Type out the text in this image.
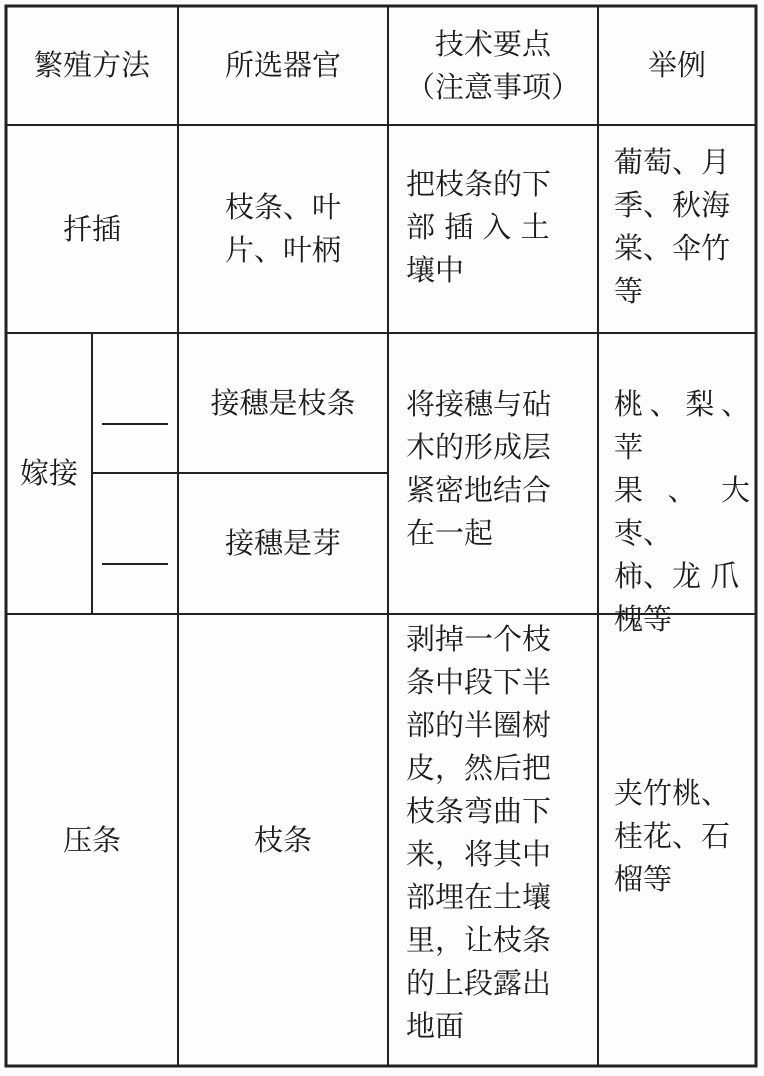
繁殖方法	所选器官
技术要点
（注意事项）
举例
扦插
枝条、叶
片、叶柄
把枝条的下
部 插 入 土
壤中
葡萄、月
季、秋海
棠、伞竹
等
嫁接
接穗是枝条
接穗是芽
将接穗与砧
木的形成层
紧密地结合
在一起
桃、梨、苹
果、大枣、
柿、龙 爪
槐等
压条	枝条
剥掉一个枝
条中段下半
部的半圈树
皮，然后把
枝条弯曲下
来，将其中
部埋在土壤
里，让枝条
的上段露出
地面
夹竹桃、
桂花、石
榴等
